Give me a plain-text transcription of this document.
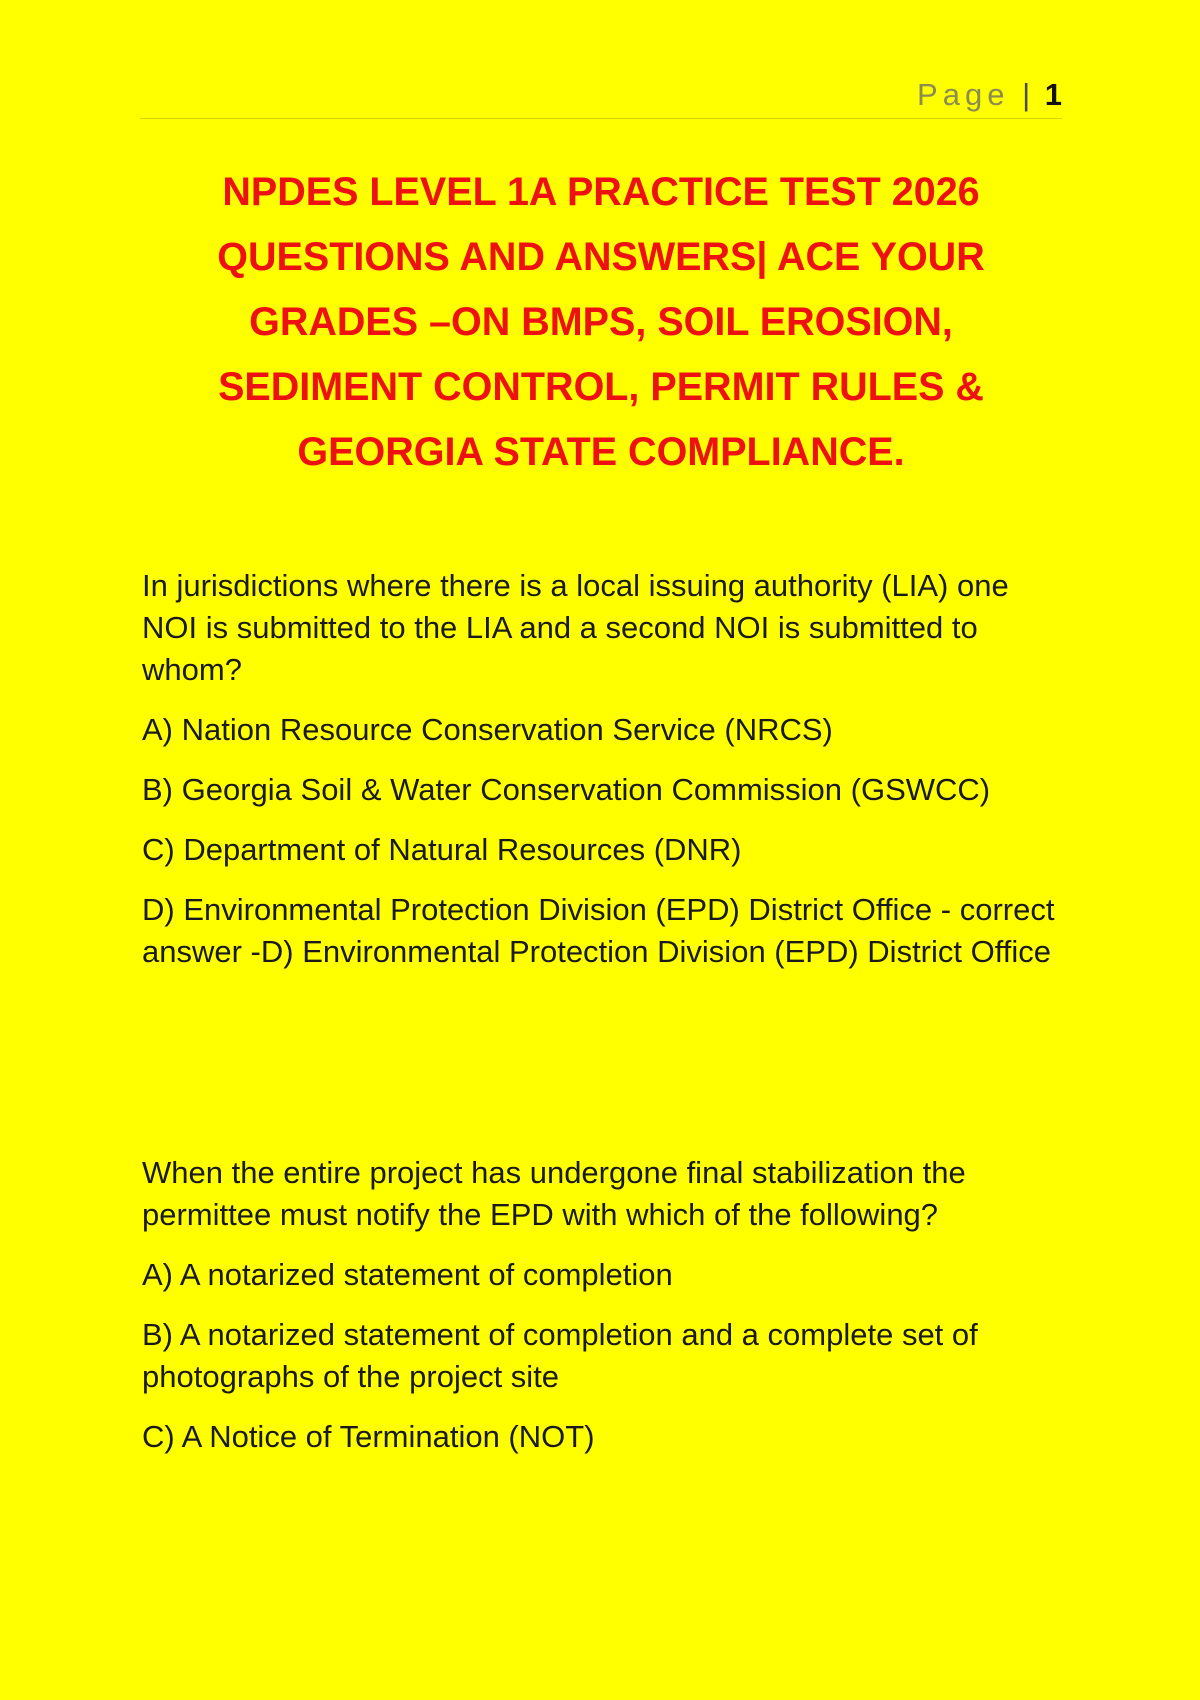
Page | 1
NPDES LEVEL 1A PRACTICE TEST 2026
QUESTIONS AND ANSWERS| ACE YOUR
GRADES –ON BMPS, SOIL EROSION,
SEDIMENT CONTROL, PERMIT RULES &
GEORGIA STATE COMPLIANCE.

In jurisdictions where there is a local issuing authority (LIA) one NOI is submitted to the LIA and a second NOI is submitted to whom?

A) Nation Resource Conservation Service (NRCS)

B) Georgia Soil & Water Conservation Commission (GSWCC)

C) Department of Natural Resources (DNR)

D) Environmental Protection Division (EPD) District Office - correct answer -D) Environmental Protection Division (EPD) District Office

When the entire project has undergone final stabilization the permittee must notify the EPD with which of the following?

A) A notarized statement of completion

B) A notarized statement of completion and a complete set of photographs of the project site

C) A Notice of Termination (NOT)
